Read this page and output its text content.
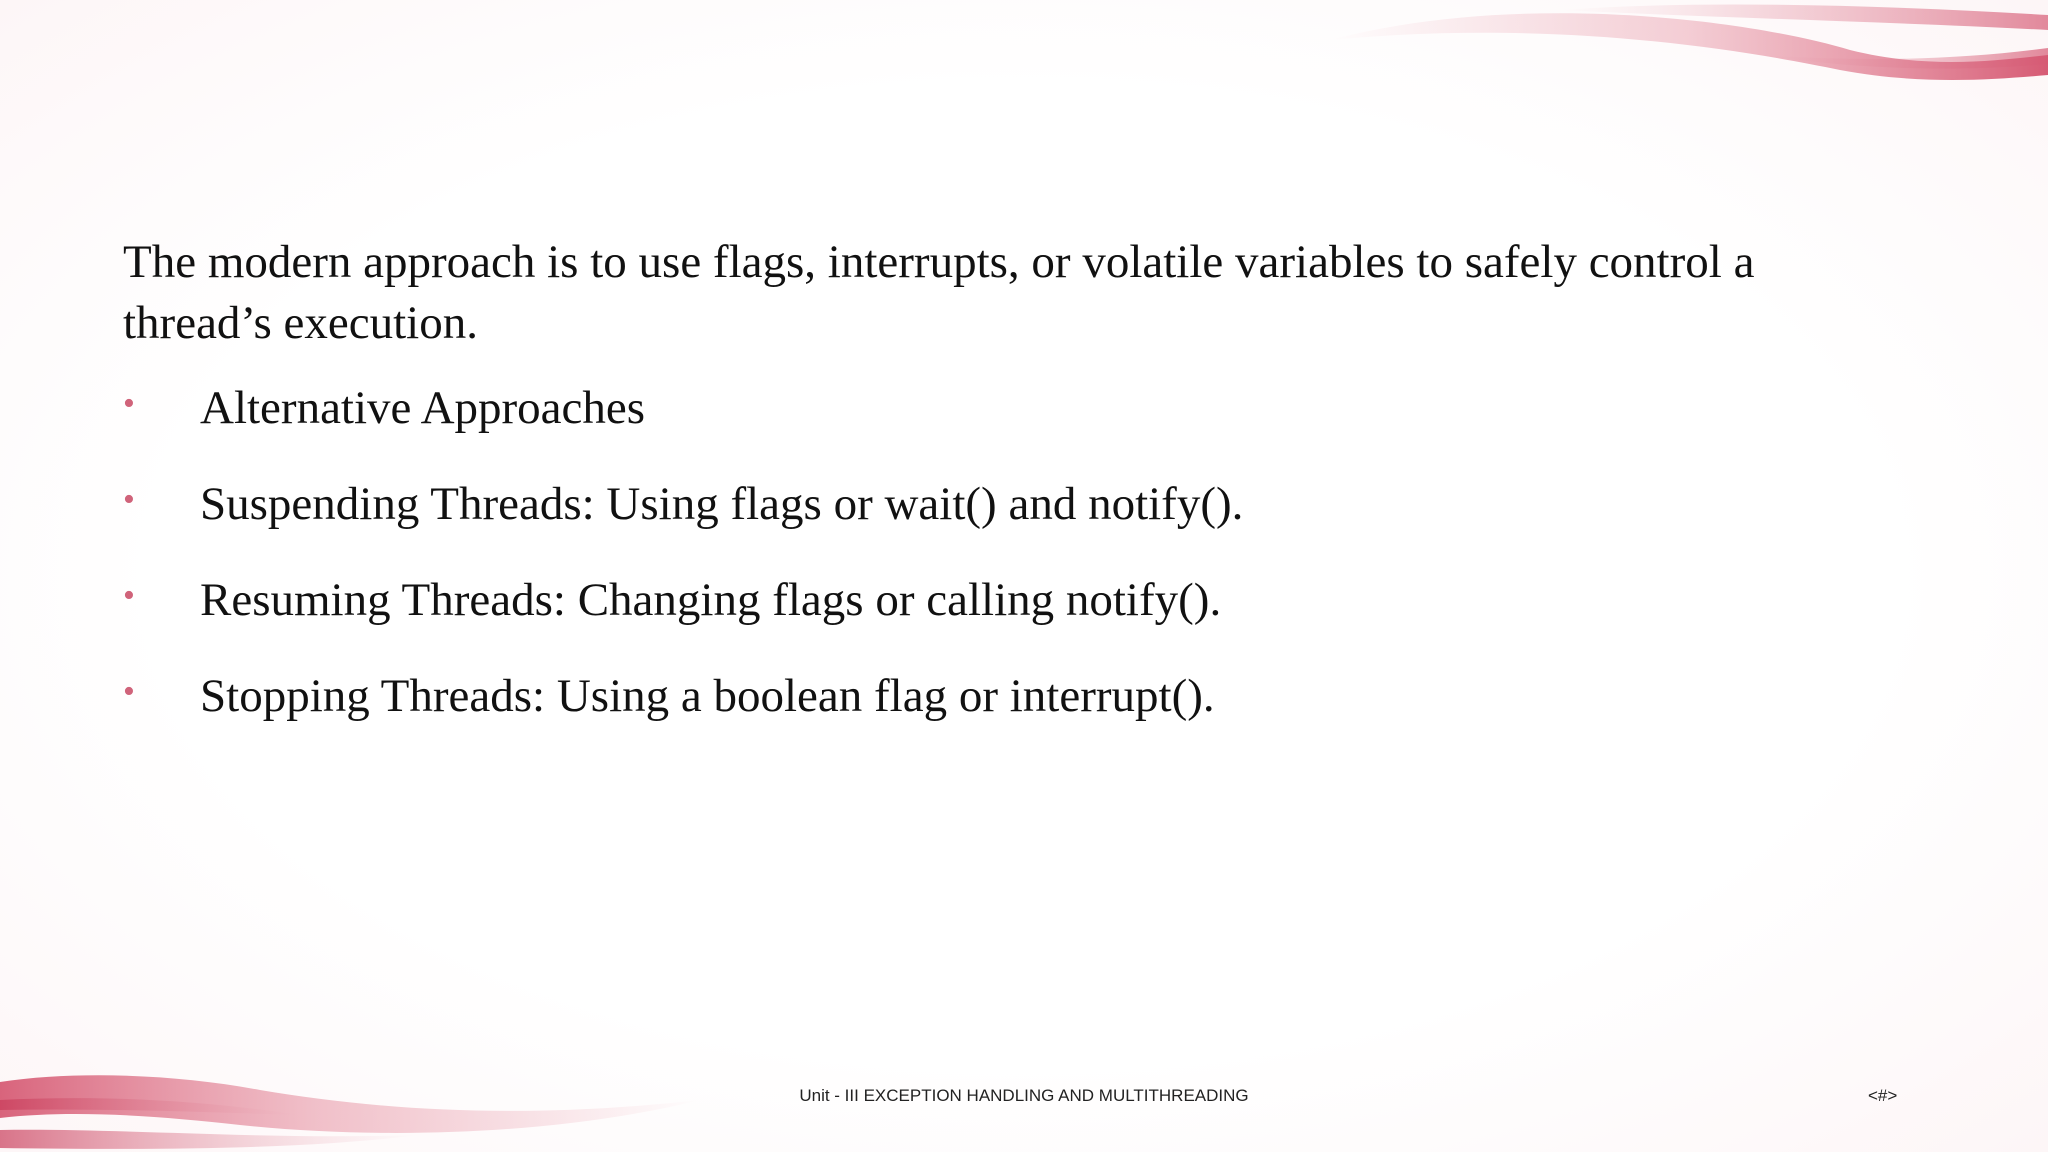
The modern approach is to use flags, interrupts, or volatile variables to safely control a thread’s execution.

• Alternative Approaches
• Suspending Threads: Using flags or wait() and notify().
• Resuming Threads: Changing flags or calling notify().
• Stopping Threads: Using a boolean flag or interrupt().
Unit - III EXCEPTION HANDLING AND MULTITHREADING	<#>
